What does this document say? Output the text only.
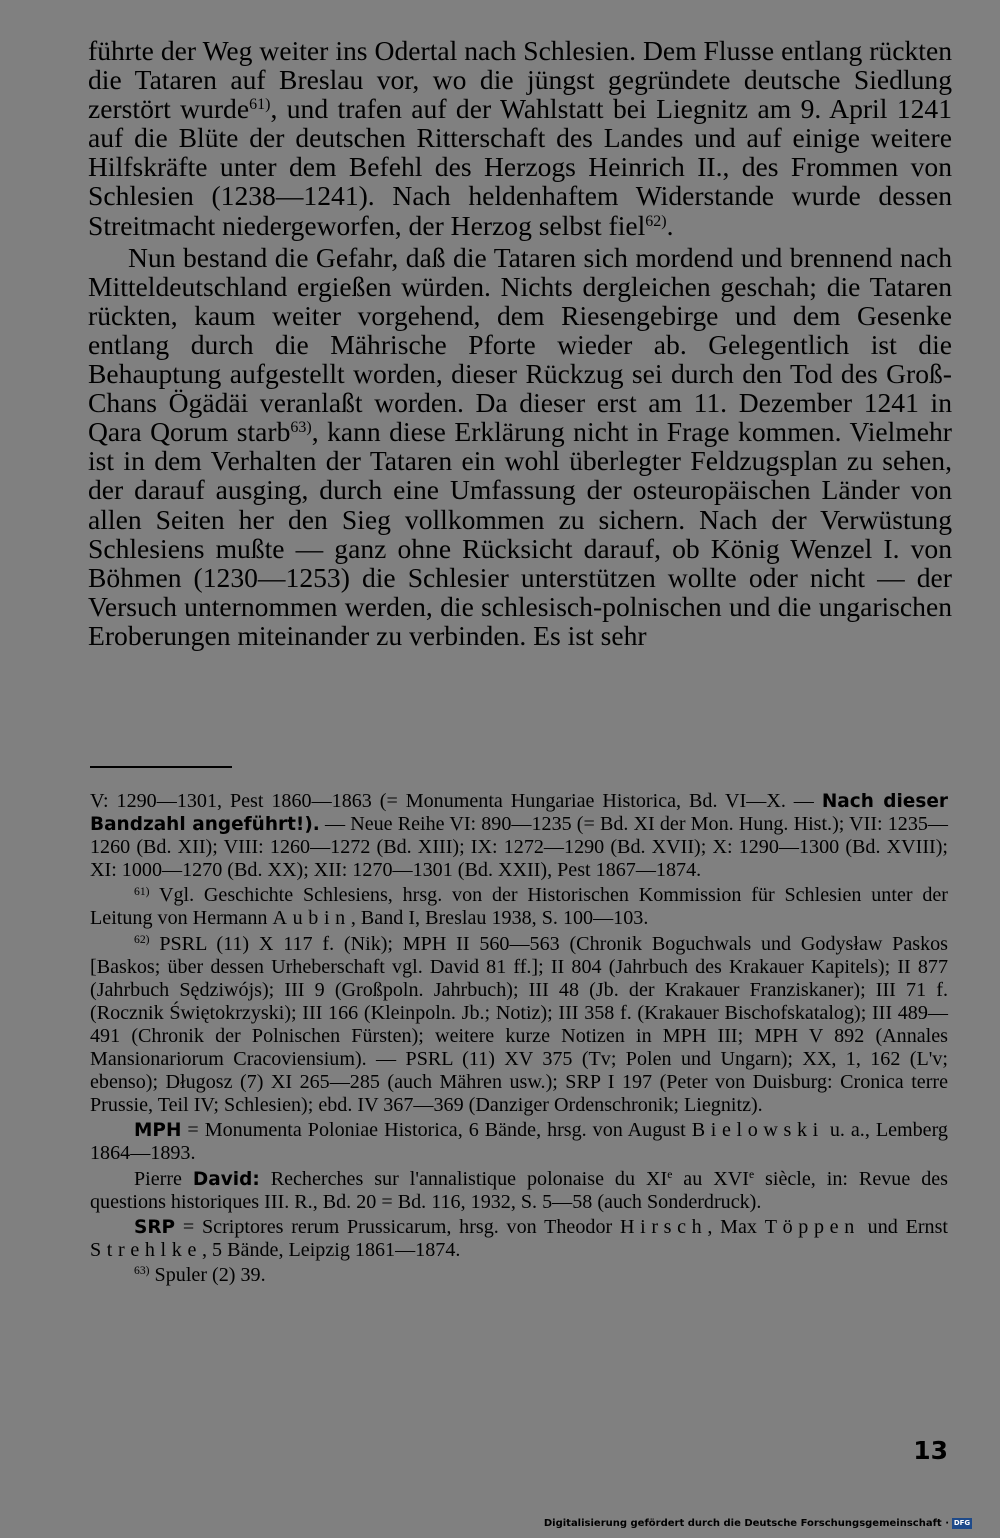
führte der Weg weiter ins Odertal nach Schlesien. Dem Flusse entlang rückten die Tataren auf Breslau vor, wo die jüngst gegründete deutsche Siedlung zerstört wurde$^{61)}$, und trafen auf der Wahlstatt bei Liegnitz am 9. April 1241 auf die Blüte der deutschen Ritterschaft des Landes und auf einige weitere Hilfskräfte unter dem Befehl des Herzogs Heinrich II., des Frommen von Schlesien (1238—1241). Nach heldenhaftem Widerstande wurde dessen Streitmacht niedergeworfen, der Herzog selbst fiel$^{62)}$.

Nun bestand die Gefahr, daß die Tataren sich mordend und brennend nach Mitteldeutschland ergießen würden. Nichts dergleichen geschah; die Tataren rückten, kaum weiter vorgehend, dem Riesengebirge und dem Gesenke entlang durch die Mährische Pforte wieder ab. Gelegentlich ist die Behauptung aufgestellt worden, dieser Rückzug sei durch den Tod des Groß-Chans Ögädäi veranlaßt worden. Da dieser erst am 11. Dezember 1241 in Qara Qorum starb$^{63)}$, kann diese Erklärung nicht in Frage kommen. Vielmehr ist in dem Verhalten der Tataren ein wohl überlegter Feldzugsplan zu sehen, der darauf ausging, durch eine Umfassung der osteuropäischen Länder von allen Seiten her den Sieg vollkommen zu sichern. Nach der Verwüstung Schlesiens mußte — ganz ohne Rücksicht darauf, ob König Wenzel I. von Böhmen (1230—1253) die Schlesier unterstützen wollte oder nicht — der Versuch unternommen werden, die schlesisch-polnischen und die ungarischen Eroberungen miteinander zu verbinden. Es ist sehr

V: 1290—1301, Pest 1860—1863 (= Monumenta Hungariae Historica, Bd. VI—X. — Nach dieser Bandzahl angeführt!). — Neue Reihe VI: 890—1235 (= Bd. XI der Mon. Hung. Hist.); VII: 1235—1260 (Bd. XII); VIII: 1260—1272 (Bd. XIII); IX: 1272—1290 (Bd. XVII); X: 1290—1300 (Bd. XVIII); XI: 1000—1270 (Bd. XX); XII: 1270—1301 (Bd. XXII), Pest 1867—1874.

$^{61)}$ Vgl. Geschichte Schlesiens, hrsg. von der Historischen Kommission für Schlesien unter der Leitung von Hermann Aubin, Band I, Breslau 1938, S. 100—103.

$^{62)}$ PSRL (11) X 117 f. (Nik); MPH II 560—563 (Chronik Boguchwals und Godysław Paskos [Baskos; über dessen Urheberschaft vgl. David 81 ff.]; II 804 (Jahrbuch des Krakauer Kapitels); II 877 (Jahrbuch Sędziwójs); III 9 (Großpoln. Jahrbuch); III 48 (Jb. der Krakauer Franziskaner); III 71 f. (Rocznik Świętokrzyski); III 166 (Kleinpoln. Jb.; Notiz); III 358 f. (Krakauer Bischofskatalog); III 489—491 (Chronik der Polnischen Fürsten); weitere kurze Notizen in MPH III; MPH V 892 (Annales Mansionariorum Cracoviensium). — PSRL (11) XV 375 (Tv; Polen und Ungarn); XX, 1, 162 (L'v; ebenso); Długosz (7) XI 265—285 (auch Mähren usw.); SRP I 197 (Peter von Duisburg: Cronica terre Prussie, Teil IV; Schlesien); ebd. IV 367—369 (Danziger Ordenschronik; Liegnitz).

MPH = Monumenta Poloniae Historica, 6 Bände, hrsg. von August Bielowski u. a., Lemberg 1864—1893.

Pierre David: Recherches sur l'annalistique polonaise du XIe au XVIe siècle, in: Revue des questions historiques III. R., Bd. 20 = Bd. 116, 1932, S. 5—58 (auch Sonderdruck).

SRP = Scriptores rerum Prussicarum, hrsg. von Theodor Hirsch, Max Töppen und Ernst Strehlke, 5 Bände, Leipzig 1861—1874.

$^{63)}$ Spuler (2) 39.

13
Digitalisierung gefördert durch die Deutsche Forschungsgemeinschaft · DFG
